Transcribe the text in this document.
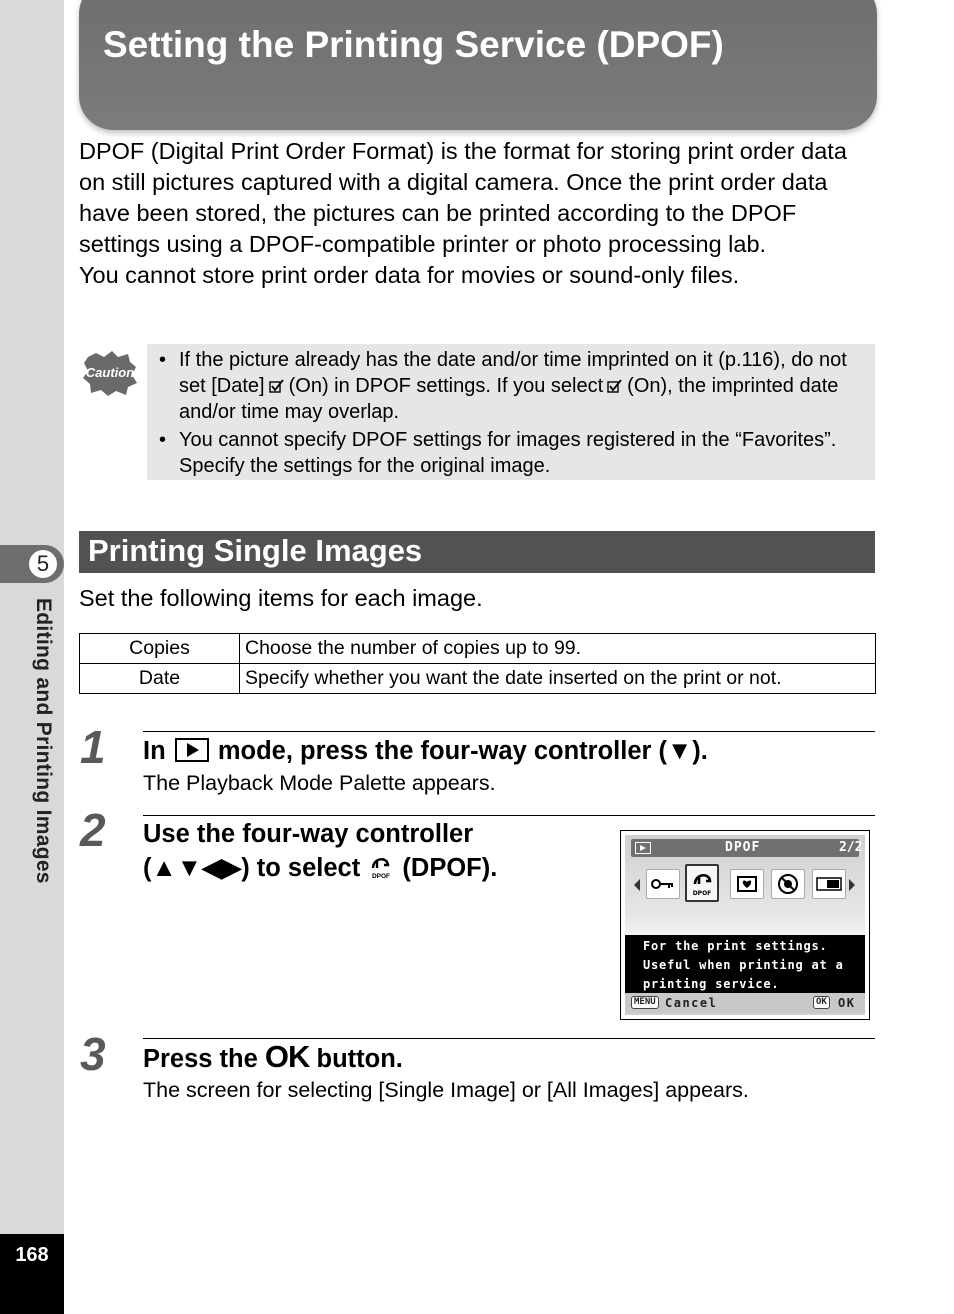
5
Editing and Printing Images
168
Setting the Printing Service (DPOF)

DPOF (Digital Print Order Format) is the format for storing print order data on still pictures captured with a digital camera. Once the print order data have been stored, the pictures can be printed according to the DPOF settings using a DPOF-compatible printer or photo processing lab.

You cannot store print order data for movies or sound-only files.

Caution
• If the picture already has the date and/or time imprinted on it (p.116), do not set [Date] (On) in DPOF settings. If you select (On), the imprinted date and/or time may overlap.
• You cannot specify DPOF settings for images registered in the “Favorites”. Specify the settings for the original image.
Printing Single Images
Set the following items for each image.
Copies	Choose the number of copies up to 99.
Date	Specify whether you want the date inserted on the print or not.
1 In mode, press the four-way controller (▼).
The Playback Mode Palette appears.
2 Use the four-way controller
(▲▼◀▶) to select DPOF (DPOF).
DPOF	2/2
DPOF
For the print settings.
Useful when printing at a
printing service.
MENU Cancel	OK OK
3 Press the OK button.
The screen for selecting [Single Image] or [All Images] appears.
